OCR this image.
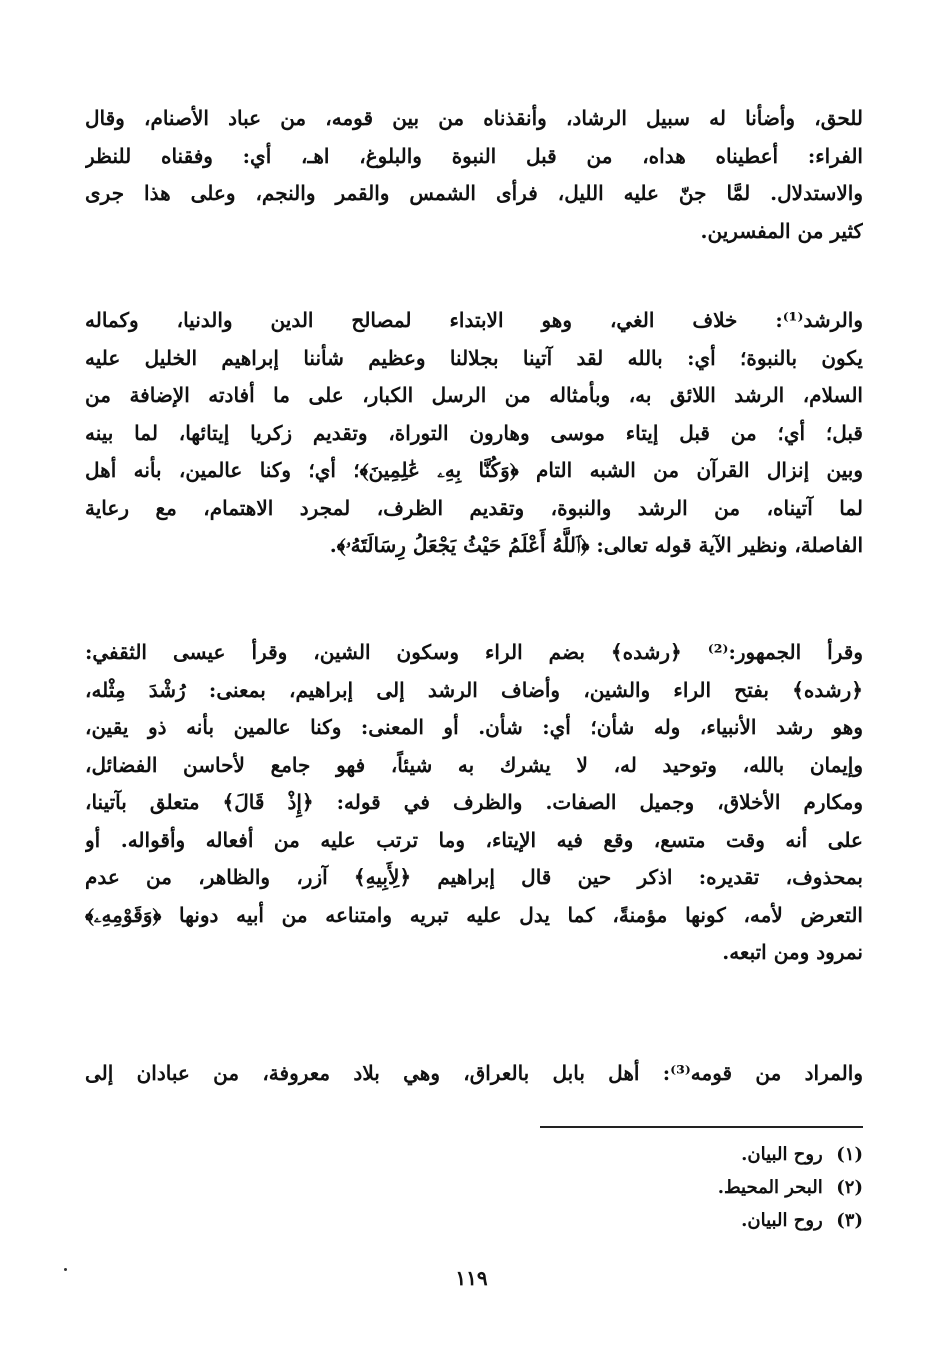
للحق، وأضأنا له سبيل الرشاد، وأنقذناه من بين قومه، من عباد الأصنام، وقال
الفراء: أعطيناه هداه، من قبل النبوة والبلوغ، اهـ، أي: وفقناه للنظر
والاستدلال. لمَّا جنّ عليه الليل، فرأى الشمس والقمر والنجم، وعلى هذا جرى
كثير من المفسرين.
والرشد⁽¹⁾: خلاف الغي، وهو الابتداء لمصالح الدين والدنيا، وكماله
يكون بالنبوة؛ أي: بالله لقد آتينا بجلالنا وعظيم شأننا إبراهيم الخليل عليه
السلام، الرشد اللائق به، وبأمثاله من الرسل الكبار، على ما أفادته الإضافة من
قبل؛ أي؛ من قبل إيتاء موسى وهارون التوراة، وتقديم زكريا إيتائها، لما بينه
وبين إنزال القرآن من الشبه التام ﴿وَكُنَّا بِهِۦ عَٰلِمِينَ﴾؛ أي؛ وكنا عالمين، بأنه أهل
لما آتيناه، من الرشد والنبوة، وتقديم الظرف، لمجرد الاهتمام، مع رعاية
الفاصلة، ونظير الآية قوله تعالى: ﴿ٱللَّهُ أَعْلَمُ حَيْثُ يَجْعَلُ رِسَالَتَهُۥ﴾.
وقرأ الجمهور:⁽²⁾ ﴿رشده﴾ بضم الراء وسكون الشين، وقرأ عيسى الثقفي:
﴿رشده﴾ بفتح الراء والشين، وأضاف الرشد إلى إبراهيم، بمعنى: رُشْدَ مِثْله،
وهو رشد الأنبياء، وله شأن؛ أي: شأن. أو المعنى: وكنا عالمين بأنه ذو يقين،
وإيمان بالله، وتوحيد له، لا يشرك به شيئاً، فهو جامع لأحاسن الفضائل،
ومكارم الأخلاق، وجميل الصفات. والظرف في قوله: ﴿إِذْ قَالَ﴾ متعلق بآتينا،
على أنه وقت متسع، وقع فيه الإيتاء، وما ترتب عليه من أفعاله وأقواله. أو
بمحذوف، تقديره: اذكر حين قال إبراهيم ﴿لِأَبِيهِ﴾ آزر، والظاهر، من عدم
التعرض لأمه، كونها مؤمنةً، كما يدل عليه تبريه وامتناعه من أبيه دونها ﴿وَقَوْمِهِۦ﴾
نمرود ومن اتبعه.
والمراد من قومه⁽³⁾: أهل بابل بالعراق، وهي بلاد معروفة، من عبادان إلى
(١) روح البيان.
(٢) البحر المحيط.
(٣) روح البيان.
١١٩
